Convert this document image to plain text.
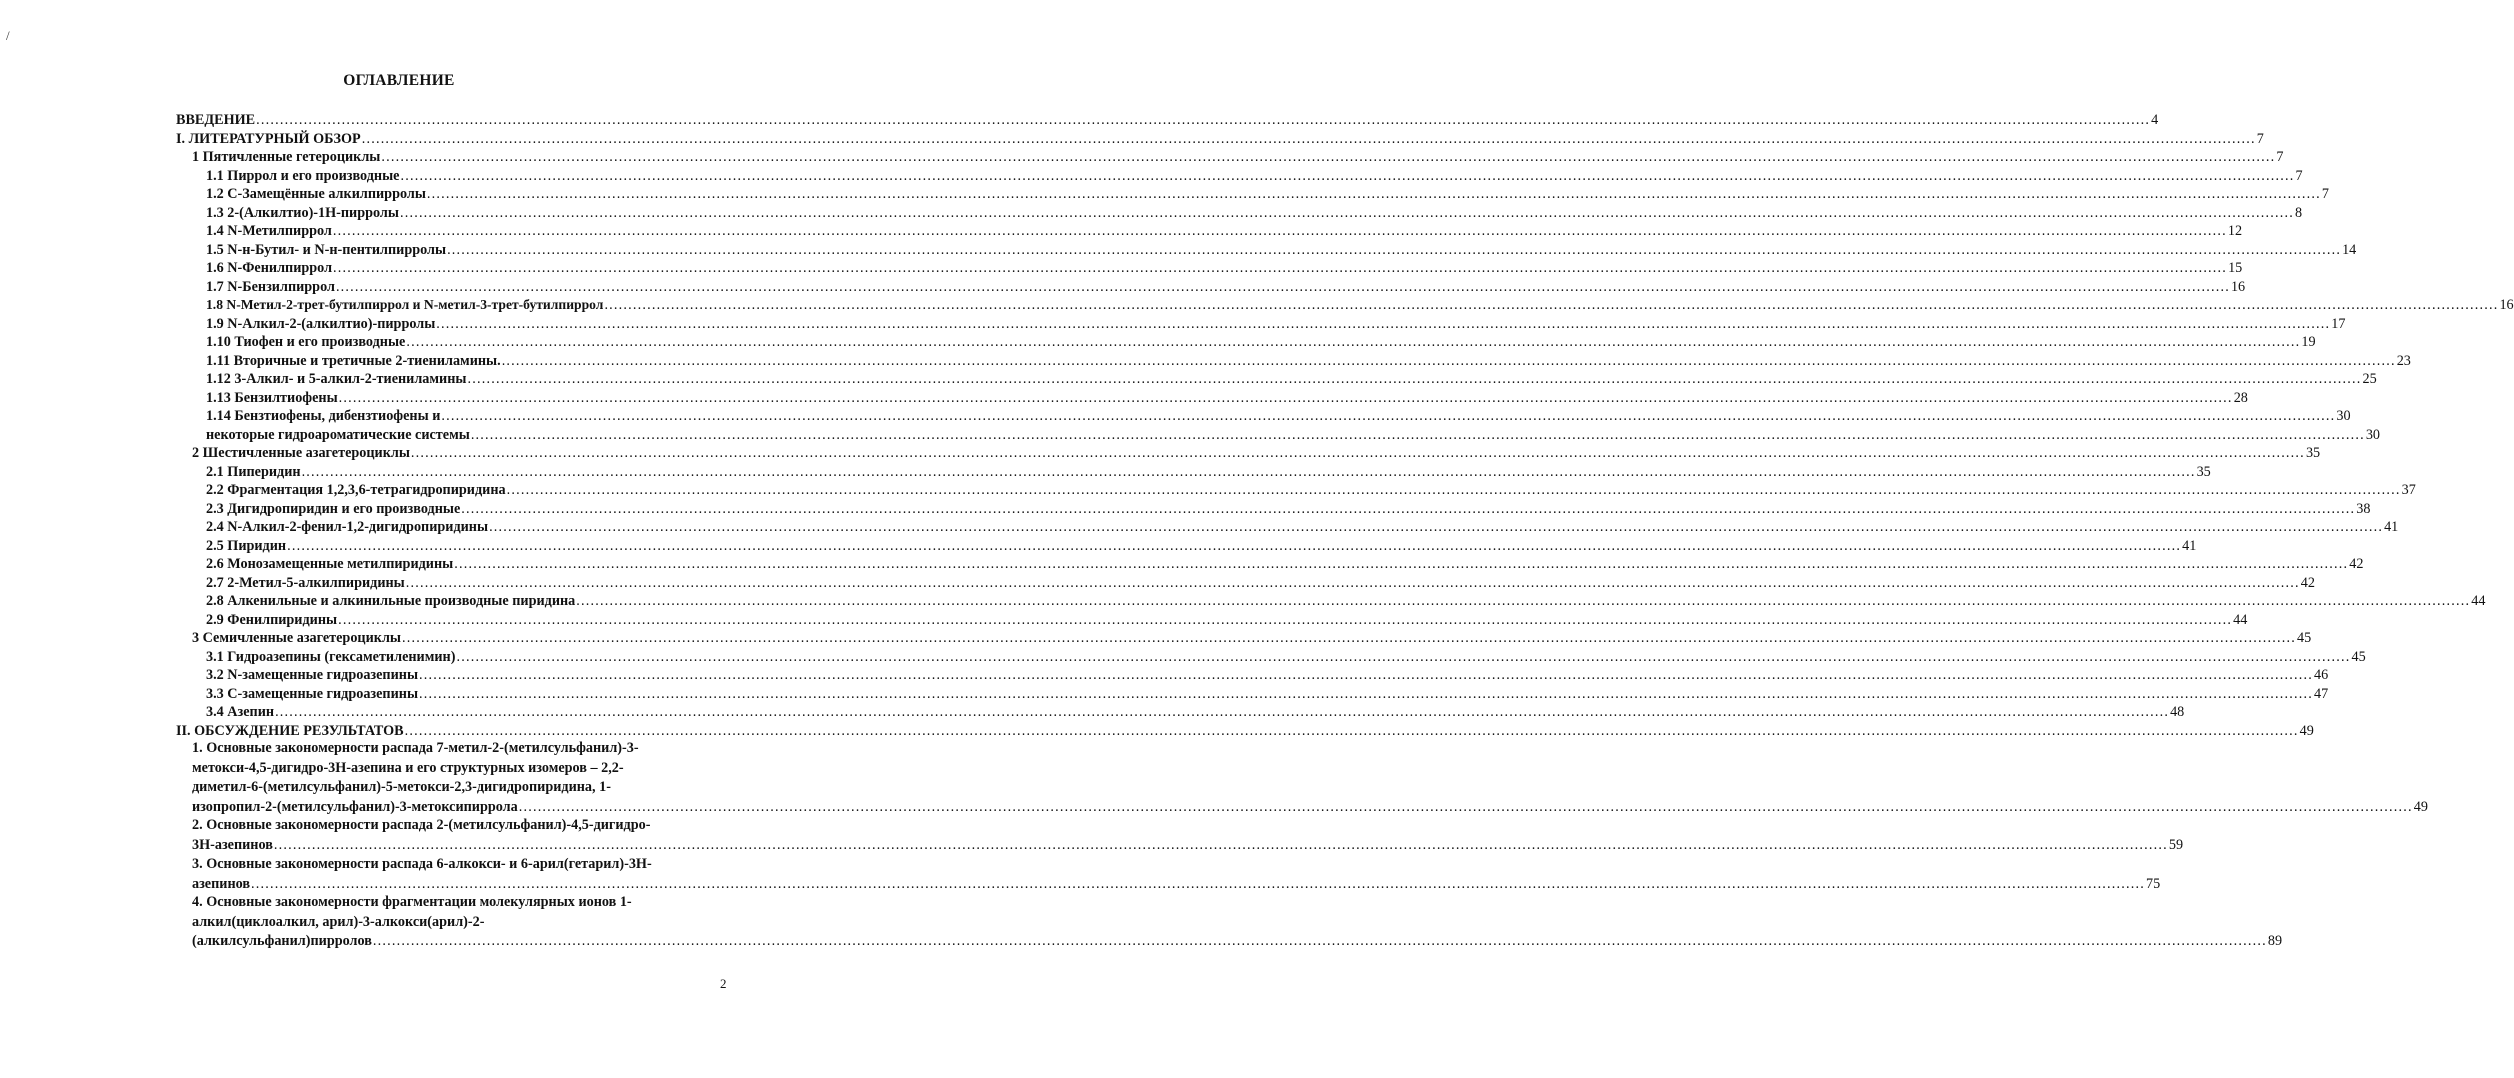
/
ОГЛАВЛЕНИЕ
ВВЕДЕНИЕ .....	4
I. ЛИТЕРАТУРНЫЙ ОБЗОР .....	7
1 Пятичленные гетероциклы .....	7
1.1 Пиррол и его производные .....	7
1.2 С-Замещённые алкилпирролы .....	7
1.3 2-(Алкилтио)-1H-пирролы .....	8
1.4 N-Метилпиррол .....	12
1.5 N-н-Бутил- и N-н-пентилпирролы .....	14
1.6 N-Фенилпиррол .....	15
1.7 N-Бензилпиррол .....	16
1.8 N-Метил-2-трет-бутилпиррол и N-метил-3-трет-бутилпиррол .....	16
1.9 N-Алкил-2-(алкилтио)-пирролы .....	17
1.10 Тиофен и его производные .....	19
1.11 Вторичные и третичные 2-тиениламины. .....	23
1.12 3-Алкил- и 5-алкил-2-тиениламины .....	25
1.13 Бензилтиофены .....	28
1.14 Бензтиофены, дибензтиофены и .....	30
некоторые гидроароматические системы .....	30
2 Шестичленные азагетероциклы .....	35
2.1 Пиперидин .....	35
2.2 Фрагментация 1,2,3,6-тетрагидропиридина .....	37
2.3 Дигидропиридин и его производные .....	38
2.4 N-Алкил-2-фенил-1,2-дигидропиридины .....	41
2.5 Пиридин .....	41
2.6 Монозамещенные метилпиридины .....	42
2.7 2-Метил-5-алкилпиридины .....	42
2.8 Алкенильные и алкинильные производные пиридина .....	44
2.9 Фенилпиридины .....	44
3 Семичленные азагетероциклы .....	45
3.1 Гидроазепины (гексаметиленимин) .....	45
3.2 N-замещенные гидроазепины .....	46
3.3 С-замещенные гидроазепины .....	47
3.4 Азепин .....	48
II. ОБСУЖДЕНИЕ РЕЗУЛЬТАТОВ .....	49
1. Основные закономерности распада 7-метил-2-(метилсульфанил)-3-
метокси-4,5-дигидро-3H-азепина и его структурных изомеров – 2,2-
диметил-6-(метилсульфанил)-5-метокси-2,3-дигидропиридина, 1-
изопропил-2-(метилсульфанил)-3-метоксипиррола .....	49
2. Основные закономерности распада 2-(метилсульфанил)-4,5-дигидро-
3H-азепинов .....	59
3. Основные закономерности распада 6-алкокси- и 6-арил(гетарил)-3H-
азепинов .....	75
4. Основные закономерности фрагментации молекулярных ионов 1-
алкил(циклоалкил, арил)-3-алкокси(арил)-2-
(алкилсульфанил)пирролов .....	89
2
